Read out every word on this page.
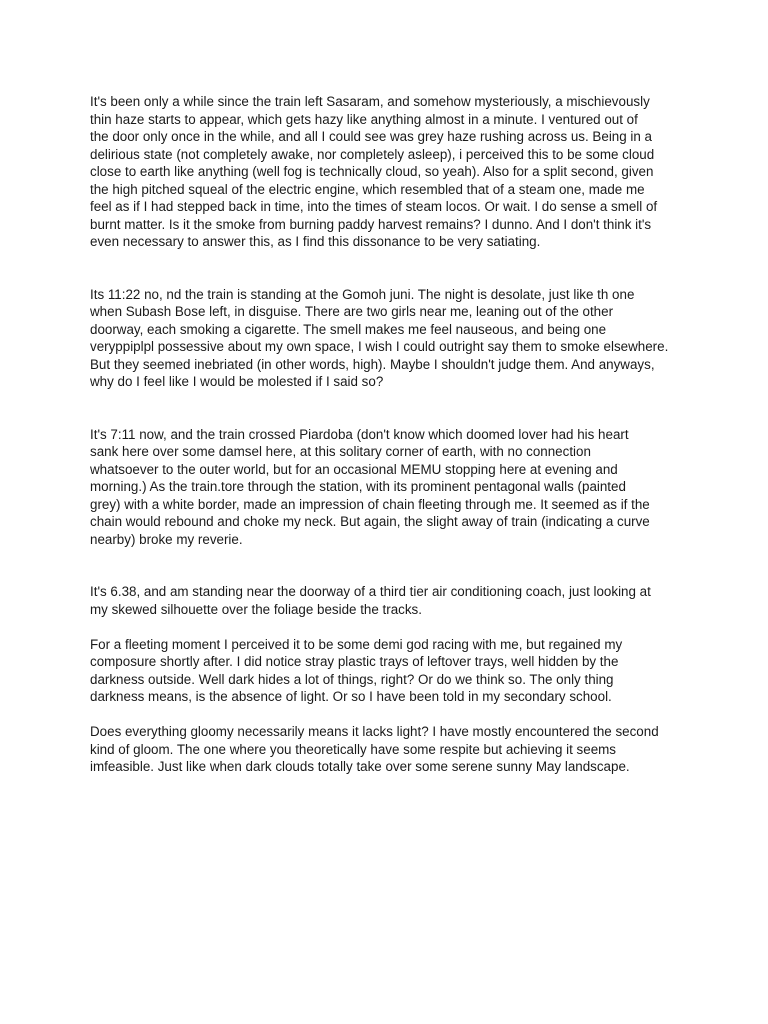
It's been only a while since the train left Sasaram, and somehow mysteriously, a mischievously
thin haze starts to appear, which gets hazy like anything almost in a minute. I ventured out of
the door only once in the while, and all I could see was grey haze rushing across us. Being in a
delirious state (not completely awake, nor completely asleep), i perceived this to be some cloud
close to earth like anything (well fog is technically cloud, so yeah). Also for a split second, given
the high pitched squeal of the electric engine, which resembled that of a steam one, made me
feel as if I had stepped back in time, into the times of steam locos. Or wait. I do sense a smell of
burnt matter. Is it the smoke from burning paddy harvest remains? I dunno. And I don't think it's
even necessary to answer this, as I find this dissonance to be very satiating.

Its 11:22 no, nd the train is standing at the Gomoh juni. The night is desolate, just like th one
when Subash Bose left, in disguise. There are two girls near me, leaning out of the other
doorway, each smoking a cigarette. The smell makes me feel nauseous, and being one
veryppiplpl possessive about my own space, I wish I could outright say them to smoke elsewhere.
But they seemed inebriated (in other words, high). Maybe I shouldn't judge them. And anyways,
why do I feel like I would be molested if I said so?

It's 7:11 now, and the train crossed Piardoba (don't know which doomed lover had his heart
sank here over some damsel here, at this solitary corner of earth, with no connection
whatsoever to the outer world, but for an occasional MEMU stopping here at evening and
morning.) As the train.tore through the station, with its prominent pentagonal walls (painted
grey) with a white border, made an impression of chain fleeting through me. It seemed as if the
chain would rebound and choke my neck. But again, the slight away of train (indicating a curve
nearby) broke my reverie.

It's 6.38, and am standing near the doorway of a third tier air conditioning coach, just looking at
my skewed silhouette over the foliage beside the tracks.

For a fleeting moment I perceived it to be some demi god racing with me, but regained my
composure shortly after. I did notice stray plastic trays of leftover trays, well hidden by the
darkness outside. Well dark hides a lot of things, right? Or do we think so. The only thing
darkness means, is the absence of light. Or so I have been told in my secondary school.

Does everything gloomy necessarily means it lacks light? I have mostly encountered the second
kind of gloom. The one where you theoretically have some respite but achieving it seems
imfeasible. Just like when dark clouds totally take over some serene sunny May landscape.
